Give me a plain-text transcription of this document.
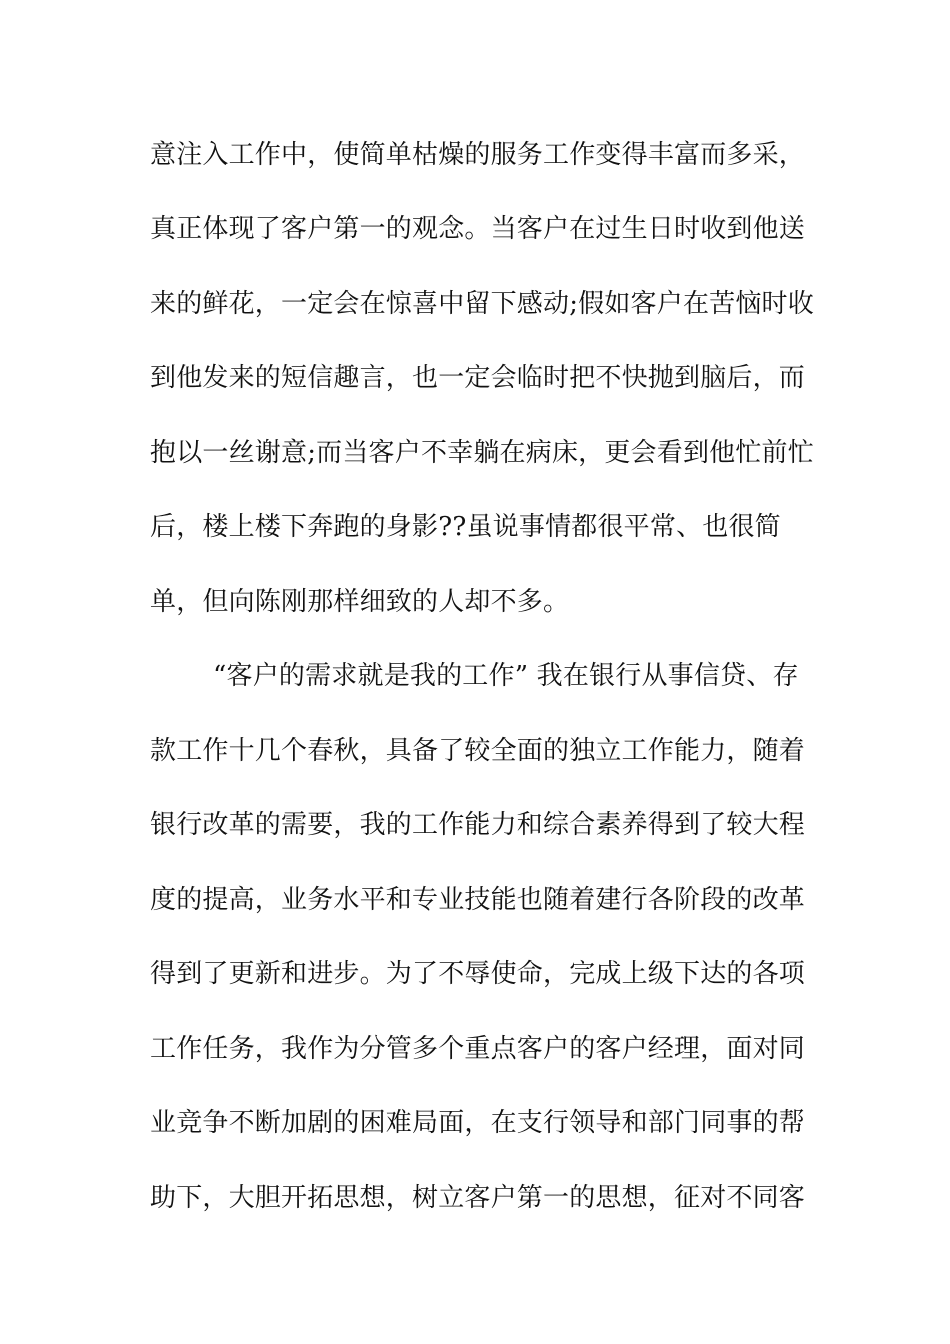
意注入工作中，使简单枯燥的服务工作变得丰富而多采，
真正体现了客户第一的观念。当客户在过生日时收到他送
来的鲜花，一定会在惊喜中留下感动;假如客户在苦恼时收
到他发来的短信趣言，也一定会临时把不快抛到脑后，而
抱以一丝谢意;而当客户不幸躺在病床，更会看到他忙前忙
后，楼上楼下奔跑的身影??虽说事情都很平常、也很简
单，但向陈刚那样细致的人却不多。
“客户的需求就是我的工作” 我在银行从事信贷、存
款工作十几个春秋，具备了较全面的独立工作能力，随着
银行改革的需要，我的工作能力和综合素养得到了较大程
度的提高，业务水平和专业技能也随着建行各阶段的改革
得到了更新和进步。为了不辱使命，完成上级下达的各项
工作任务，我作为分管多个重点客户的客户经理，面对同
业竞争不断加剧的困难局面，在支行领导和部门同事的帮
助下，大胆开拓思想，树立客户第一的思想，征对不同客
